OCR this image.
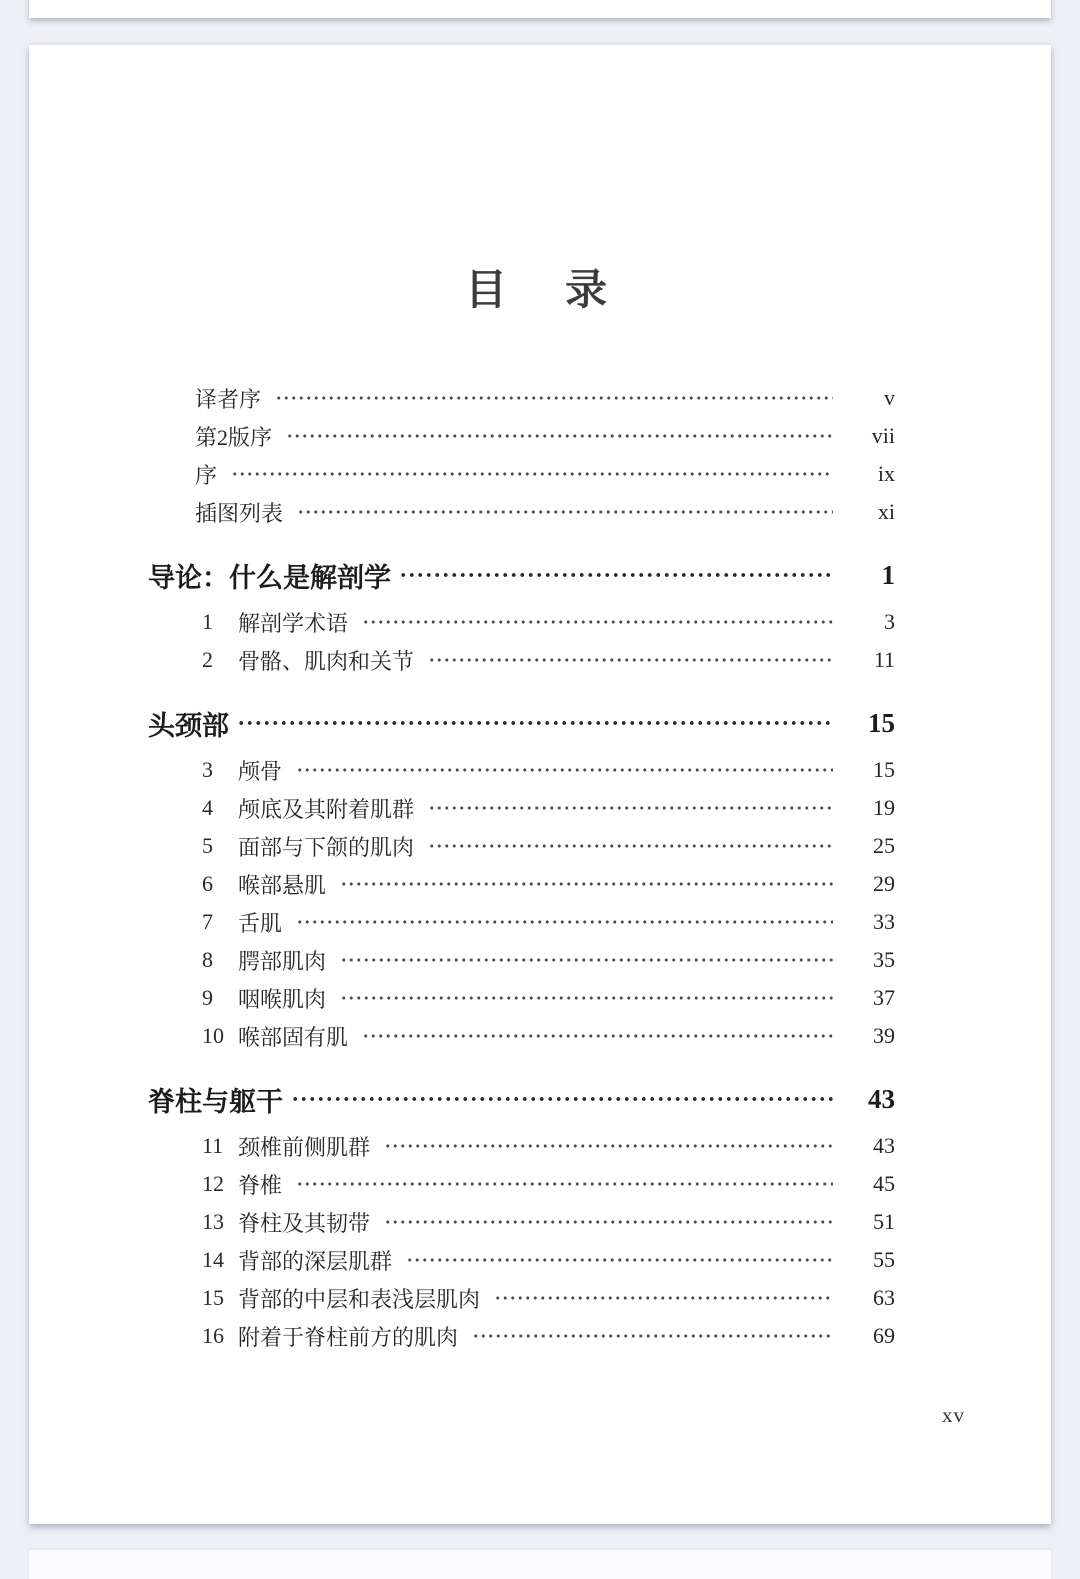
目　录
译者序	v
第2版序	vii
序	ix
插图列表	xi
导论：什么是解剖学	1
1	解剖学术语	3
2	骨骼、肌肉和关节	11
头颈部	15
3	颅骨	15
4	颅底及其附着肌群	19
5	面部与下颌的肌肉	25
6	喉部悬肌	29
7	舌肌	33
8	腭部肌肉	35
9	咽喉肌肉	37
10 喉部固有肌	39
脊柱与躯干	43
11 颈椎前侧肌群	43
12 脊椎	45
13 脊柱及其韧带	51
14 背部的深层肌群	55
15 背部的中层和表浅层肌肉	63
16 附着于脊柱前方的肌肉	69
xv
